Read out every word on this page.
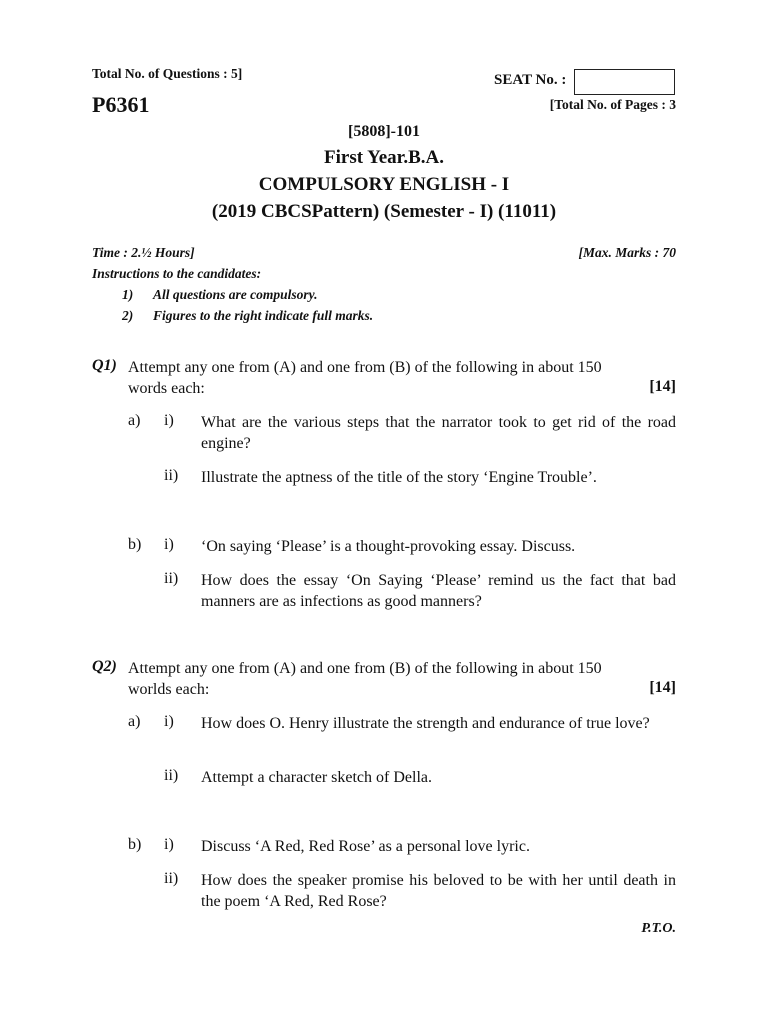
Total No. of Questions : 5]	SEAT No. :
P6361	[Total No. of Pages : 3
[5808]-101
First Year.B.A.
COMPULSORY ENGLISH - I
(2019 CBCSPattern) (Semester - I) (11011)
Time : 2.½ Hours]	[Max. Marks : 70
Instructions to the candidates:
1) All questions are compulsory.
2) Figures to the right indicate full marks.
Q1) Attempt any one from (A) and one from (B) of the following in about 150
words each:	[14]
a) i) What are the various steps that the narrator took to get rid of the road engine?
ii) Illustrate the aptness of the title of the story ‘Engine Trouble’.
b) i) ‘On saying ‘Please’ is a thought-provoking essay. Discuss.
ii) How does the essay ‘On Saying ‘Please’ remind us the fact that bad manners are as infections as good manners?
Q2) Attempt any one from (A) and one from (B) of the following in about 150
worlds each:	[14]
a) i) How does O. Henry illustrate the strength and endurance of true love?
ii) Attempt a character sketch of Della.
b) i) Discuss ‘A Red, Red Rose’ as a personal love lyric.
ii) How does the speaker promise his beloved to be with her until death in the poem ‘A Red, Red Rose?
P.T.O.
